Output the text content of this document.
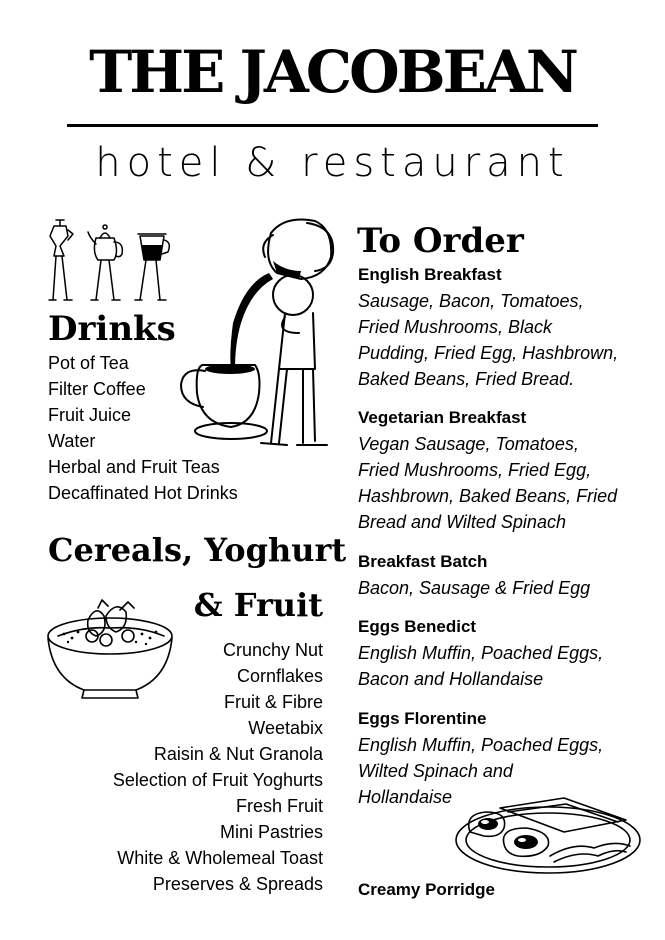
THE JACOBEAN
hotel & restaurant
Drinks
Pot of Tea
Filter Coffee
Fruit Juice
Water
Herbal and Fruit Teas
Decaffinated Hot Drinks
Cereals, Yoghurt
& Fruit
Crunchy Nut
Cornflakes
Fruit & Fibre
Weetabix
Raisin & Nut Granola
Selection of Fruit Yoghurts
Fresh Fruit
Mini Pastries
White & Wholemeal Toast
Preserves & Spreads
To Order

English Breakfast

Sausage, Bacon, Tomatoes,

Fried Mushrooms, Black

Pudding, Fried Egg, Hashbrown,

Baked Beans, Fried Bread.

Vegetarian Breakfast

Vegan Sausage, Tomatoes,

Fried Mushrooms, Fried Egg,

Hashbrown, Baked Beans, Fried

Bread and Wilted Spinach

Breakfast Batch

Bacon, Sausage & Fried Egg

Eggs Benedict

English Muffin, Poached Eggs,

Bacon and Hollandaise

Eggs Florentine

English Muffin, Poached Eggs,

Wilted Spinach and

Hollandaise

Creamy Porridge
